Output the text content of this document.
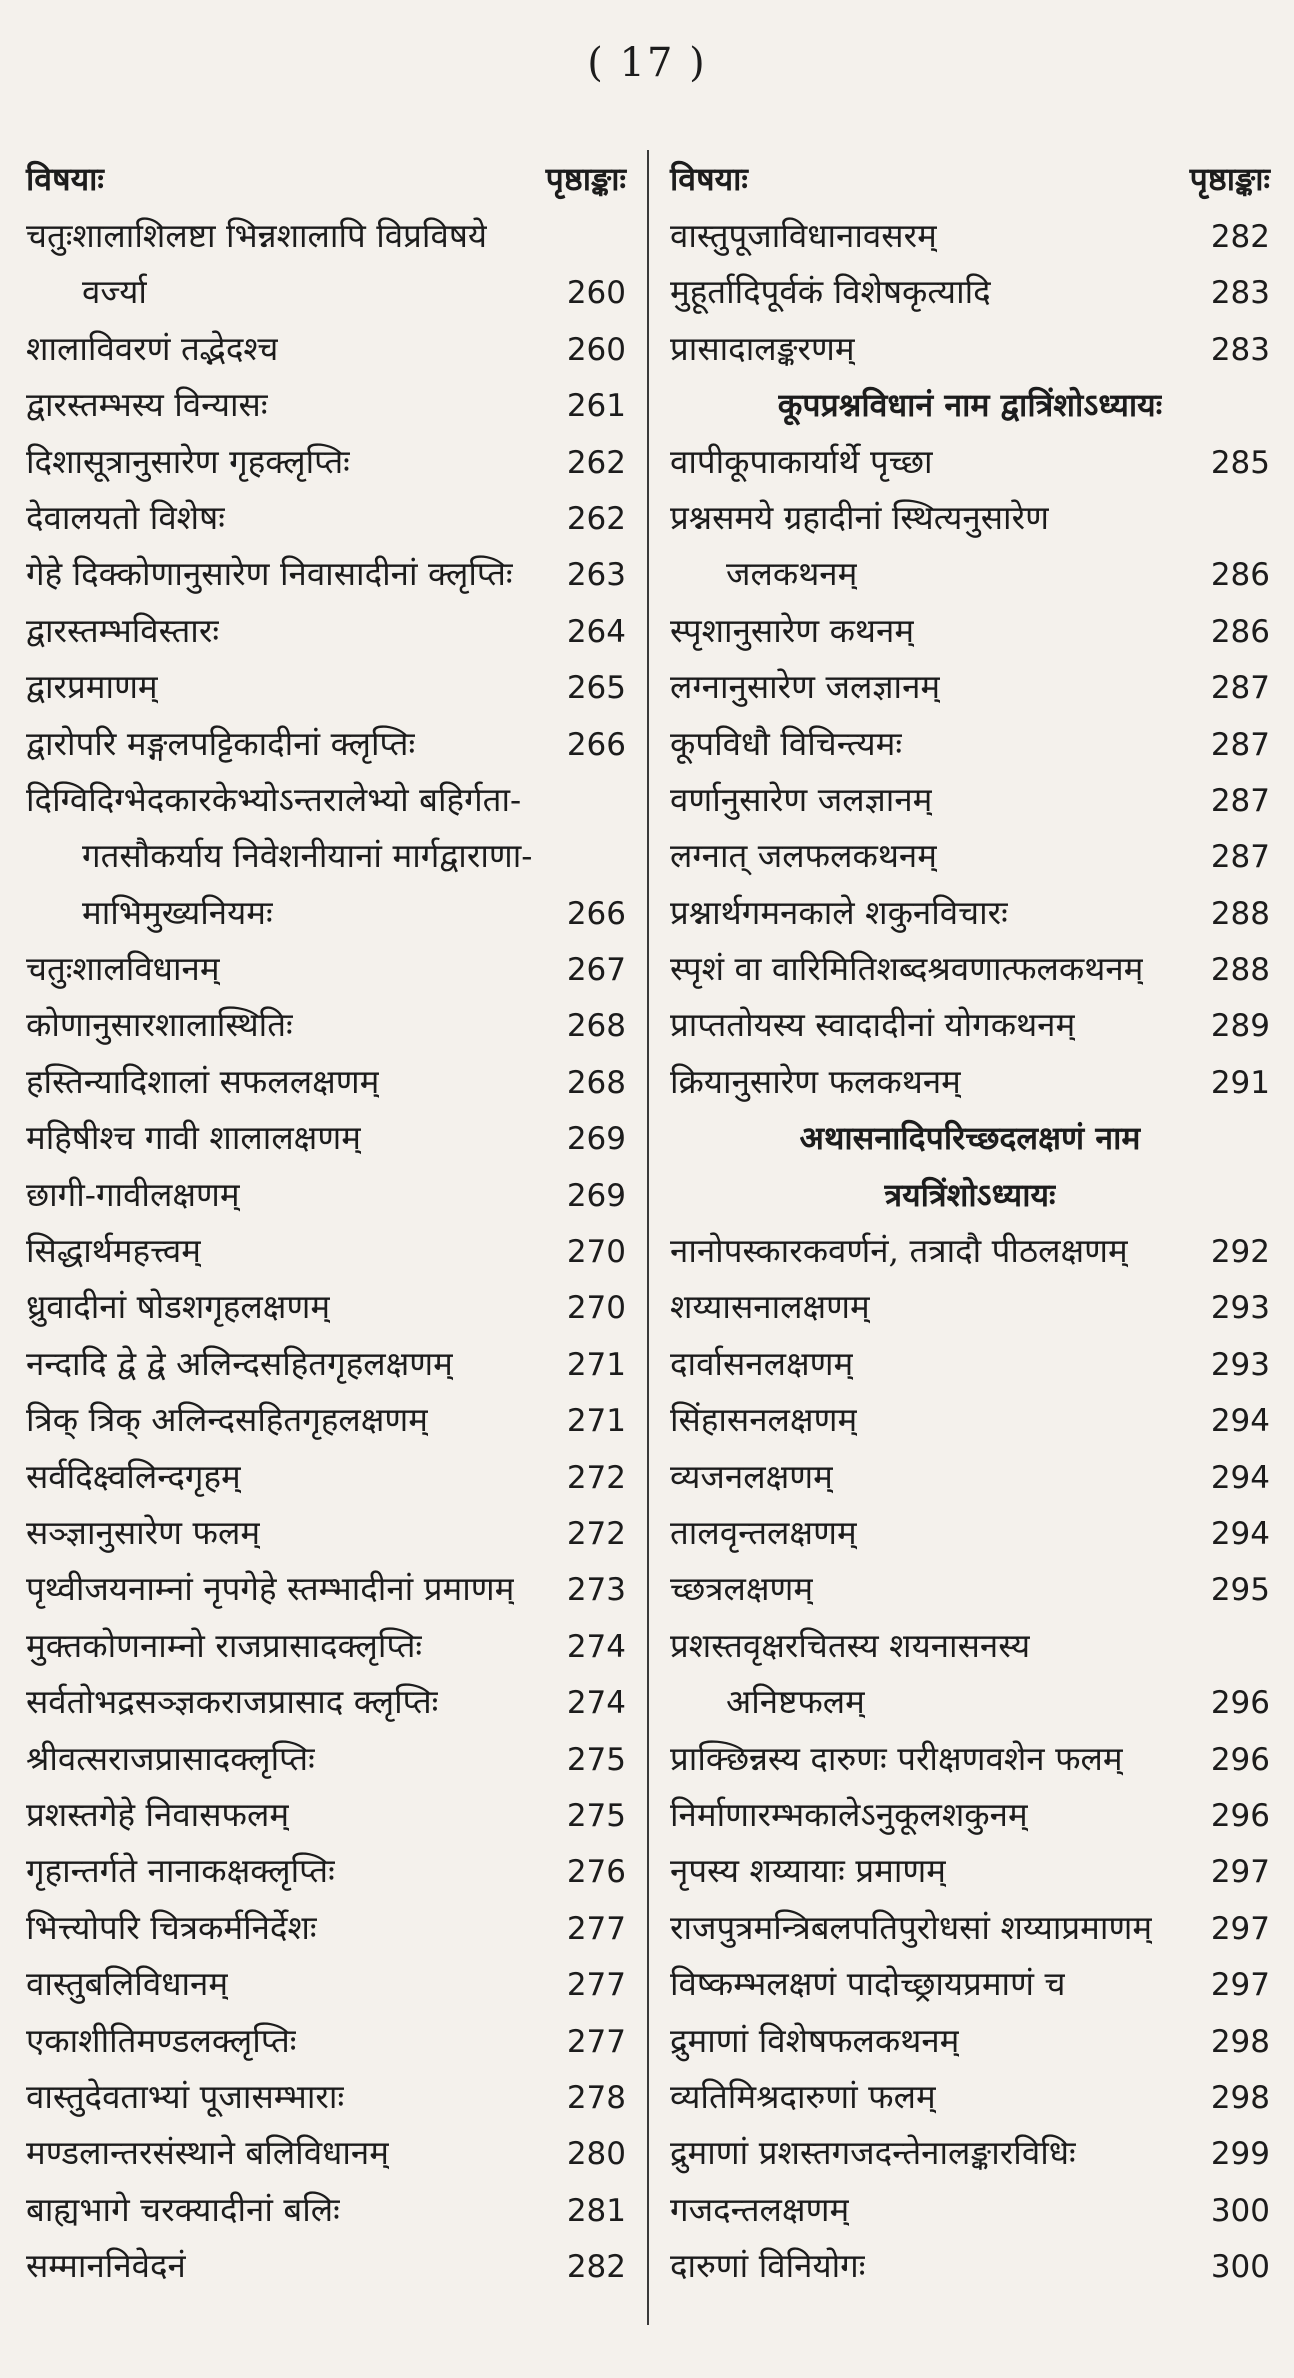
( 17 )
विषयाः	पृष्ठाङ्काः
चतुःशालाशिलष्टा भिन्नशालापि विप्रविषये
वर्ज्या	260
शालाविवरणं तद्भेदश्च	260
द्वारस्तम्भस्य विन्यासः	261
दिशासूत्रानुसारेण गृहक्लृप्तिः	262
देवालयतो विशेषः	262
गेहे दिक्कोणानुसारेण निवासादीनां क्लृप्तिः 263
द्वारस्तम्भविस्तारः	264
द्वारप्रमाणम्	265
द्वारोपरि मङ्गलपट्टिकादीनां क्लृप्तिः	266
दिग्विदिग्भेदकारकेभ्योऽन्तरालेभ्यो बहिर्गता-
गतसौकर्याय निवेशनीयानां मार्गद्वाराणा-
माभिमुख्यनियमः	266
चतुःशालविधानम्	267
कोणानुसारशालास्थितिः	268
हस्तिन्यादिशालां सफललक्षणम्	268
महिषीश्च गावी शालालक्षणम्	269
छागी-गावीलक्षणम्	269
सिद्धार्थमहत्त्वम्	270
ध्रुवादीनां षोडशगृहलक्षणम्	270
नन्दादि द्वे द्वे अलिन्दसहितगृहलक्षणम्	271
त्रिक् त्रिक् अलिन्दसहितगृहलक्षणम्	271
सर्वदिक्ष्वलिन्दगृहम्	272
सञ्ज्ञानुसारेण फलम्	272
पृथ्वीजयनाम्नां नृपगेहे स्तम्भादीनां प्रमाणम् 273
मुक्तकोणनाम्नो राजप्रासादक्लृप्तिः	274
सर्वतोभद्रसञ्ज्ञकराजप्रासाद क्लृप्तिः	274
श्रीवत्सराजप्रासादक्लृप्तिः	275
प्रशस्तगेहे निवासफलम्	275
गृहान्तर्गते नानाकक्षक्लृप्तिः	276
भित्त्योपरि चित्रकर्मनिर्देशः	277
वास्तुबलिविधानम्	277
एकाशीतिमण्डलक्लृप्तिः	277
वास्तुदेवताभ्यां पूजासम्भाराः	278
मण्डलान्तरसंस्थाने बलिविधानम्	280
बाह्यभागे चरक्यादीनां बलिः	281
सम्माननिवेदनं	282
विषयाः	पृष्ठाङ्काः
वास्तुपूजाविधानावसरम्	282
मुहूर्तादिपूर्वकं विशेषकृत्यादि	283
प्रासादालङ्करणम्	283
कूपप्रश्नविधानं नाम द्वात्रिंशोऽध्यायः
वापीकूपाकार्यार्थे पृच्छा	285
प्रश्नसमये ग्रहादीनां स्थित्यनुसारेण
जलकथनम्	286
स्पृशानुसारेण कथनम्	286
लग्नानुसारेण जलज्ञानम्	287
कूपविधौ विचिन्त्यमः	287
वर्णानुसारेण जलज्ञानम्	287
लग्नात् जलफलकथनम्	287
प्रश्नार्थगमनकाले शकुनविचारः	288
स्पृशं वा वारिमितिशब्दश्रवणात्फलकथनम् 288
प्राप्ततोयस्य स्वादादीनां योगकथनम्	289
क्रियानुसारेण फलकथनम्	291
अथासनादिपरिच्छदलक्षणं नाम
त्रयत्रिंशोऽध्यायः
नानोपस्कारकवर्णनं, तत्रादौ पीठलक्षणम्	292
शय्यासनालक्षणम्	293
दार्वासनलक्षणम्	293
सिंहासनलक्षणम्	294
व्यजनलक्षणम्	294
तालवृन्तलक्षणम्	294
च्छत्रलक्षणम्	295
प्रशस्तवृक्षरचितस्य शयनासनस्य
अनिष्टफलम्	296
प्राक्छिन्नस्य दारुणः परीक्षणवशेन फलम्	296
निर्माणारम्भकालेऽनुकूलशकुनम्	296
नृपस्य शय्यायाः प्रमाणम्	297
राजपुत्रमन्त्रिबलपतिपुरोधसां शय्याप्रमाणम् 297
विष्कम्भलक्षणं पादोच्छ्रायप्रमाणं च	297
द्रुमाणां विशेषफलकथनम्	298
व्यतिमिश्रदारुणां फलम्	298
द्रुमाणां प्रशस्तगजदन्तेनालङ्कारविधिः	299
गजदन्तलक्षणम्	300
दारुणां विनियोगः	300
